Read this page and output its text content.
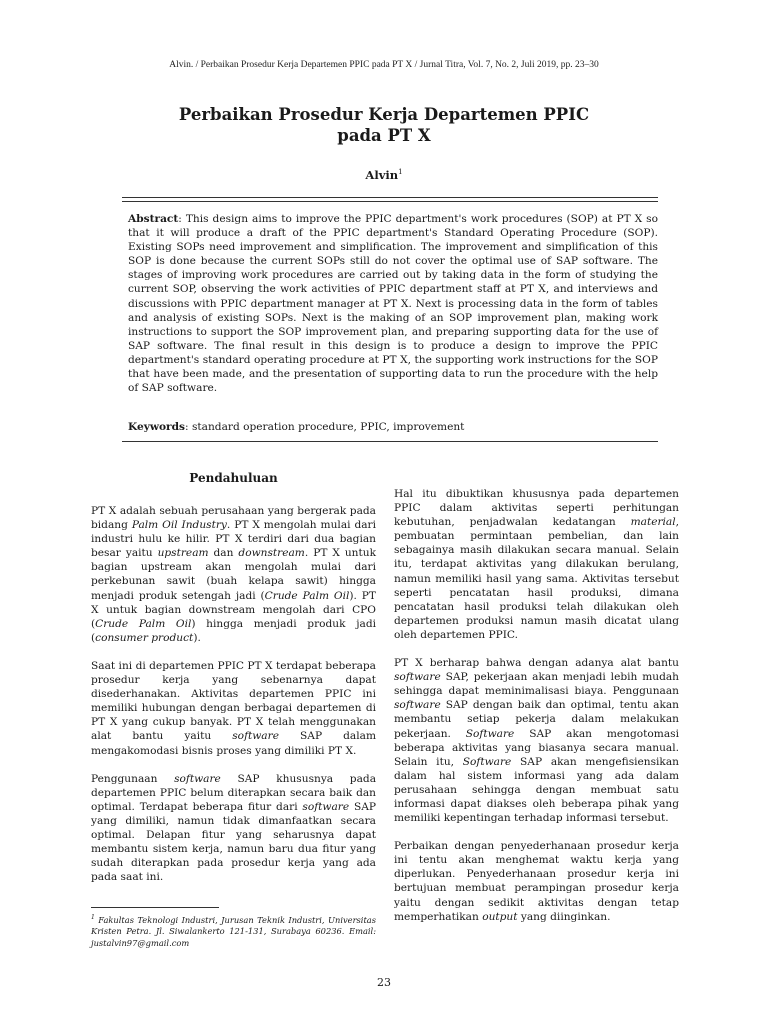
Alvin. / Perbaikan Prosedur Kerja Departemen PPIC pada PT X / Jurnal Titra, Vol. 7, No. 2, Juli 2019, pp. 23–30
Perbaikan Prosedur Kerja Departemen PPIC
pada PT X
Alvin$^1$

Abstract: This design aims to improve the PPIC department's work procedures (SOP) at PT X so that it will produce a draft of the PPIC department's Standard Operating Procedure (SOP). Existing SOPs need improvement and simplification. The improvement and simplification of this SOP is done because the current SOPs still do not cover the optimal use of SAP software. The stages of improving work procedures are carried out by taking data in the form of studying the current SOP, observing the work activities of PPIC department staff at PT X, and interviews and discussions with PPIC department manager at PT X. Next is processing data in the form of tables and analysis of existing SOPs. Next is the making of an SOP improvement plan, making work instructions to support the SOP improvement plan, and preparing supporting data for the use of SAP software. The final result in this design is to produce a design to improve the PPIC department's standard operating procedure at PT X, the supporting work instructions for the SOP that have been made, and the presentation of supporting data to run the procedure with the help of SAP software.

Keywords: standard operation procedure, PPIC, improvement

Pendahuluan

PT X adalah sebuah perusahaan yang bergerak pada bidang Palm Oil Industry. PT X mengolah mulai dari industri hulu ke hilir. PT X terdiri dari dua bagian besar yaitu upstream dan downstream. PT X untuk bagian upstream akan mengolah mulai dari perkebunan sawit (buah kelapa sawit) hingga menjadi produk setengah jadi (Crude Palm Oil). PT X untuk bagian downstream mengolah dari CPO (Crude Palm Oil) hingga menjadi produk jadi (consumer product).

Saat ini di departemen PPIC PT X terdapat beberapa prosedur kerja yang sebenarnya dapat disederhanakan. Aktivitas departemen PPIC ini memiliki hubungan dengan berbagai departemen di PT X yang cukup banyak. PT X telah menggunakan alat bantu yaitu software SAP dalam mengakomodasi bisnis proses yang dimiliki PT X.

Penggunaan software SAP khususnya pada departemen PPIC belum diterapkan secara baik dan optimal. Terdapat beberapa fitur dari software SAP yang dimiliki, namun tidak dimanfaatkan secara optimal. Delapan fitur yang seharusnya dapat membantu sistem kerja, namun baru dua fitur yang sudah diterapkan pada prosedur kerja yang ada pada saat ini.

$^1$ Fakultas Teknologi Industri, Jurusan Teknik Industri, Universitas Kristen Petra. Jl. Siwalankerto 121-131, Surabaya 60236. Email: justalvin97@gmail.com

Hal itu dibuktikan khususnya pada departemen PPIC dalam aktivitas seperti perhitungan kebutuhan, penjadwalan kedatangan material, pembuatan permintaan pembelian, dan lain sebagainya masih dilakukan secara manual. Selain itu, terdapat aktivitas yang dilakukan berulang, namun memiliki hasil yang sama. Aktivitas tersebut seperti pencatatan hasil produksi, dimana pencatatan hasil produksi telah dilakukan oleh departemen produksi namun masih dicatat ulang oleh departemen PPIC.

PT X berharap bahwa dengan adanya alat bantu software SAP, pekerjaan akan menjadi lebih mudah sehingga dapat meminimalisasi biaya. Penggunaan software SAP dengan baik dan optimal, tentu akan membantu setiap pekerja dalam melakukan pekerjaan. Software SAP akan mengotomasi beberapa aktivitas yang biasanya secara manual. Selain itu, Software SAP akan mengefisiensikan dalam hal sistem informasi yang ada dalam perusahaan sehingga dengan membuat satu informasi dapat diakses oleh beberapa pihak yang memiliki kepentingan terhadap informasi tersebut.

Perbaikan dengan penyederhanaan prosedur kerja ini tentu akan menghemat waktu kerja yang diperlukan. Penyederhanaan prosedur kerja ini bertujuan membuat perampingan prosedur kerja yaitu dengan sedikit aktivitas dengan tetap memperhatikan output yang diinginkan.

23
